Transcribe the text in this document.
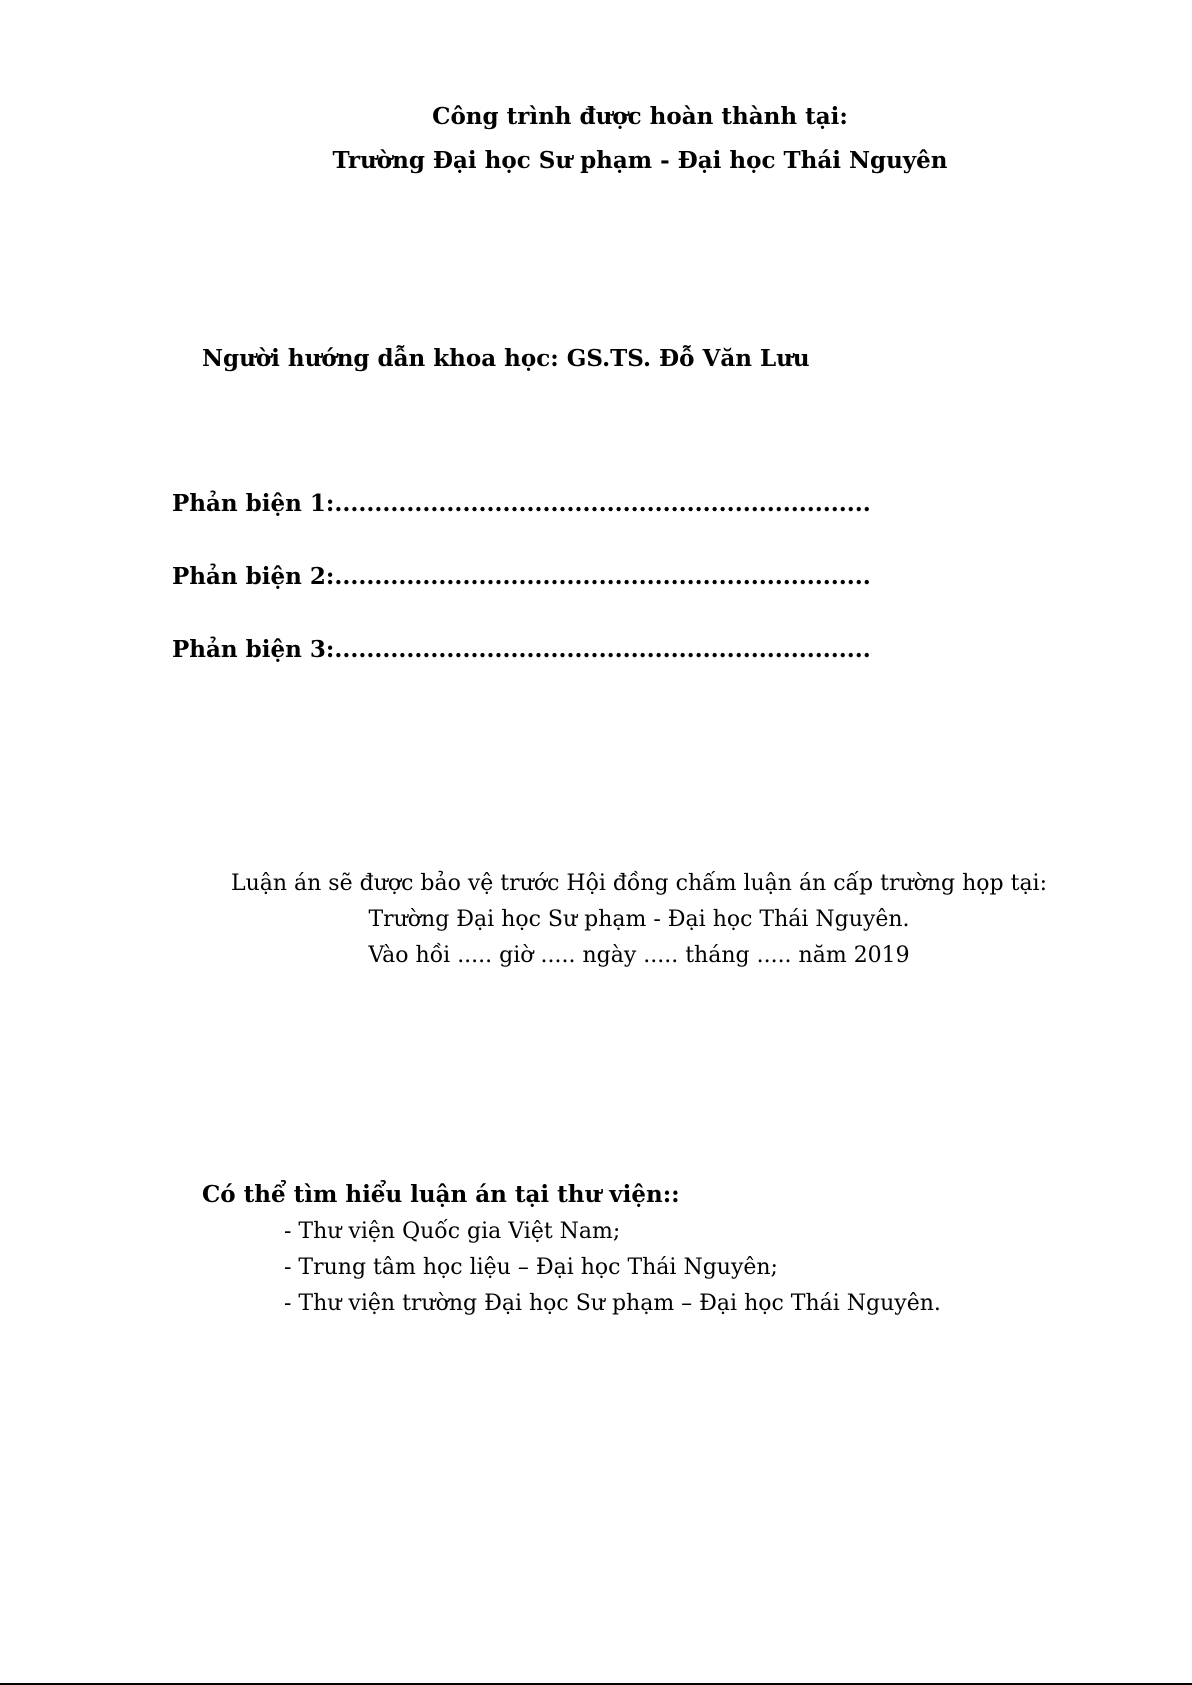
Công trình được hoàn thành tại:

Trường Đại học Sư phạm - Đại học Thái Nguyên

Người hướng dẫn khoa học: GS.TS. Đỗ Văn Lưu

Phản biện 1:...................................................................

Phản biện 2:...................................................................

Phản biện 3:...................................................................

Luận án sẽ được bảo vệ trước Hội đồng chấm luận án cấp trường họp tại:

Trường Đại học Sư phạm - Đại học Thái Nguyên.

Vào hồi ..... giờ ..... ngày ..... tháng ..... năm 2019

Có thể tìm hiểu luận án tại thư viện::

- Thư viện Quốc gia Việt Nam;

- Trung tâm học liệu – Đại học Thái Nguyên;

- Thư viện trường Đại học Sư phạm – Đại học Thái Nguyên.
